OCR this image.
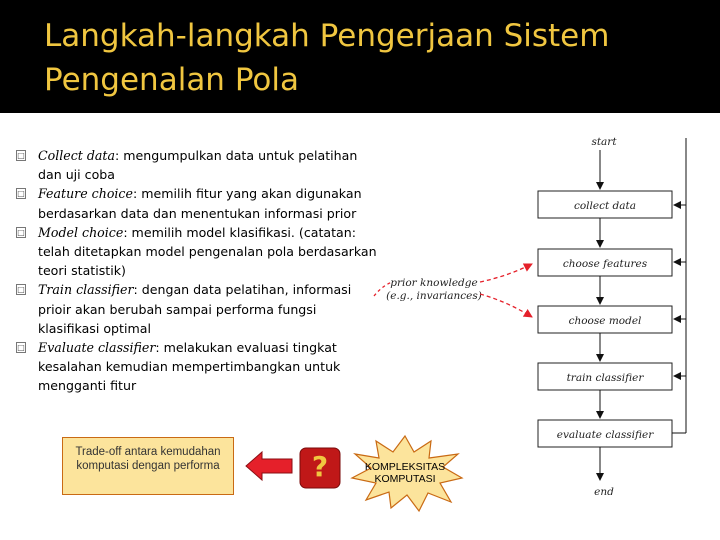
Langkah-langkah Pengerjaan Sistem
Pengenalan Pola
□ Collect data: mengumpulkan data untuk pelatihan dan uji coba
□ Feature choice: memilih fitur yang akan digunakan berdasarkan data dan menentukan informasi prior
□ Model choice: memilih model klasifikasi. (catatan: telah ditetapkan model pengenalan pola berdasarkan teori statistik)
□ Train classifier: dengan data pelatihan, informasi prioir akan berubah sampai performa fungsi klasifikasi optimal
□ Evaluate classifier: melakukan evaluasi tingkat kesalahan kemudian mempertimbangkan untuk mengganti fitur
start
collect data
choose features
choose model
train classifier
evaluate classifier
end
prior knowledge
(e.g., invariances)
Trade-off antara kemudahan komputasi dengan performa	?	KOMPLEKSITAS KOMPUTASI
